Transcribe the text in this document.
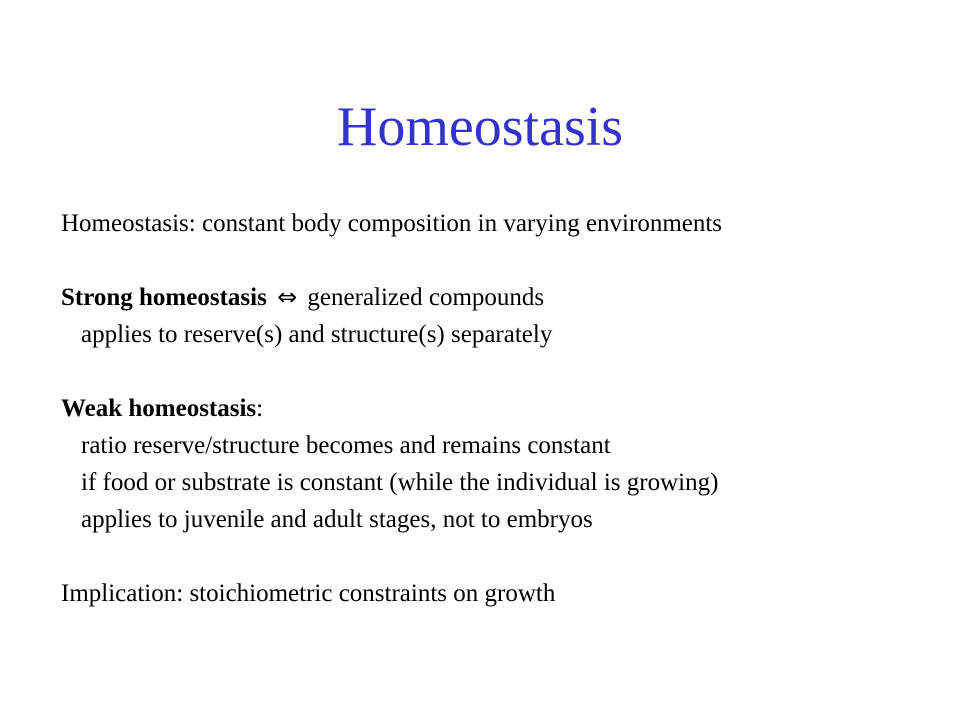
Homeostasis
Homeostasis: constant body composition in varying environments
Strong homeostasis ⇔ generalized compounds
applies to reserve(s) and structure(s) separately
Weak homeostasis:
ratio reserve/structure becomes and remains constant
if food or substrate is constant (while the individual is growing)
applies to juvenile and adult stages, not to embryos
Implication: stoichiometric constraints on growth
